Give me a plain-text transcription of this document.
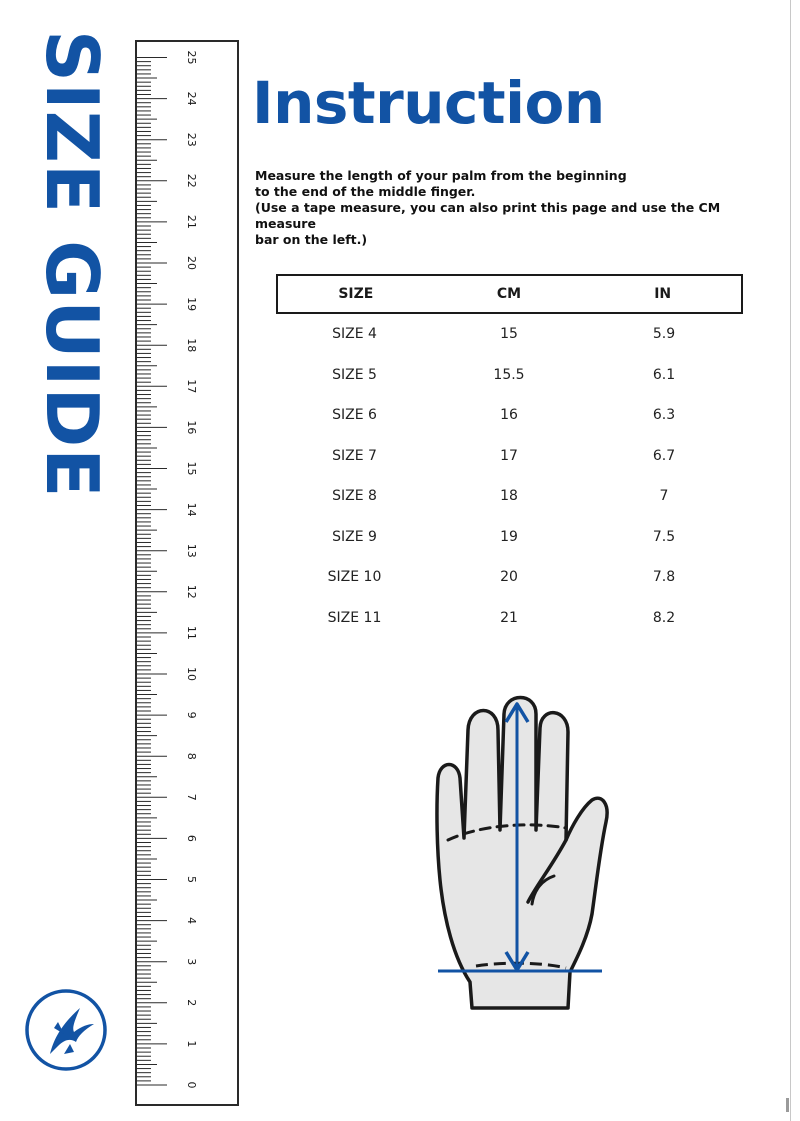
SIZE GUIDE
0
1
2
3
4
5
6
7
8
9
10
11
12
13
14
15
16
17
18
19
20
21
22
23
24
25
Instruction

Measure the length of your palm from the beginning

to the end of the middle finger.

(Use a tape measure, you can also print this page and use the CM measure

bar on the left.)

SIZE	CM	IN
SIZE 4	15	5.9
SIZE 5	15.5	6.1
SIZE 6	16	6.3
SIZE 7	17	6.7
SIZE 8	18	7
SIZE 9	19	7.5
SIZE 10	20	7.8
SIZE 11	21	8.2
